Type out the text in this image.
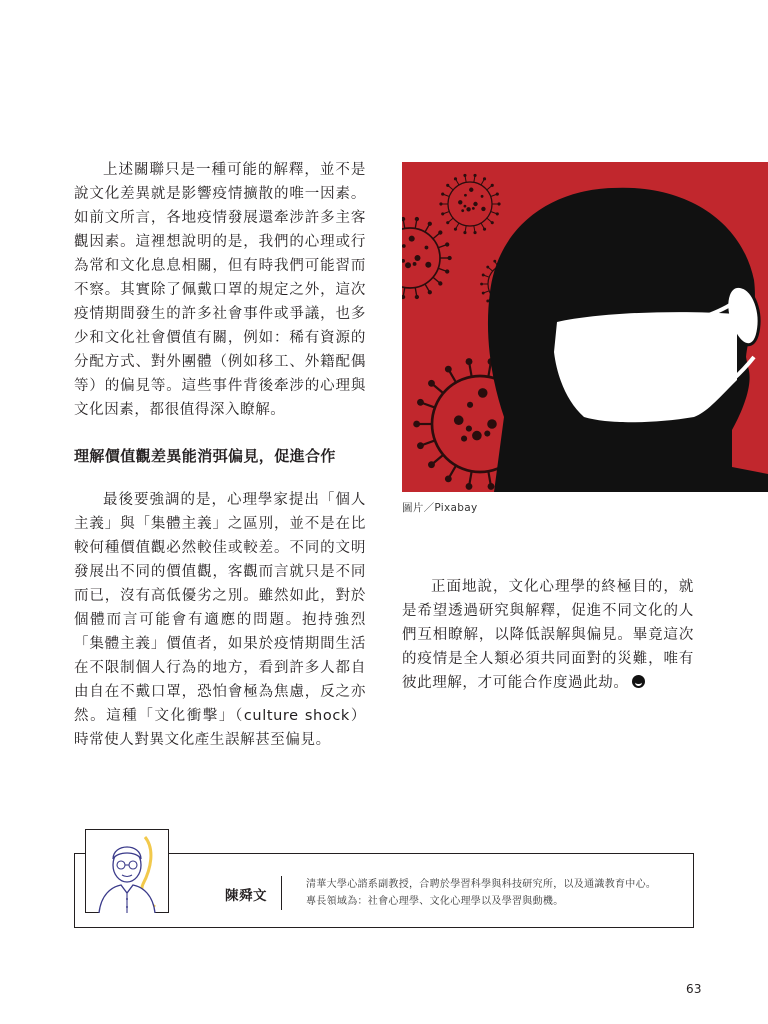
上述關聯只是一種可能的解釋，並不是說文化差異就是影響疫情擴散的唯一因素。如前文所言，各地疫情發展還牽涉許多主客觀因素。這裡想說明的是，我們的心理或行為常和文化息息相關，但有時我們可能習而不察。其實除了佩戴口罩的規定之外，這次疫情期間發生的許多社會事件或爭議，也多少和文化社會價值有關，例如：稀有資源的分配方式、對外團體（例如移工、外籍配偶等）的偏見等。這些事件背後牽涉的心理與文化因素，都很值得深入瞭解。

理解價值觀差異能消弭偏見，促進合作

最後要強調的是，心理學家提出「個人主義」與「集體主義」之區別，並不是在比較何種價值觀必然較佳或較差。不同的文明發展出不同的價值觀，客觀而言就只是不同而已，沒有高低優劣之別。雖然如此，對於個體而言可能會有適應的問題。抱持強烈「集體主義」價值者，如果於疫情期間生活在不限制個人行為的地方，看到許多人都自由自在不戴口罩，恐怕會極為焦慮，反之亦然。這種「文化衝擊」（culture shock）時常使人對異文化產生誤解甚至偏見。

圖片／Pixabay

正面地說，文化心理學的終極目的，就是希望透過研究與解釋，促進不同文化的人們互相瞭解，以降低誤解與偏見。畢竟這次的疫情是全人類必須共同面對的災難，唯有彼此理解，才可能合作度過此劫。

陳舜文
清華大學心諮系副教授，合聘於學習科學與科技研究所，以及通識教育中心。
專長領域為：社會心理學、文化心理學以及學習與動機。
63
